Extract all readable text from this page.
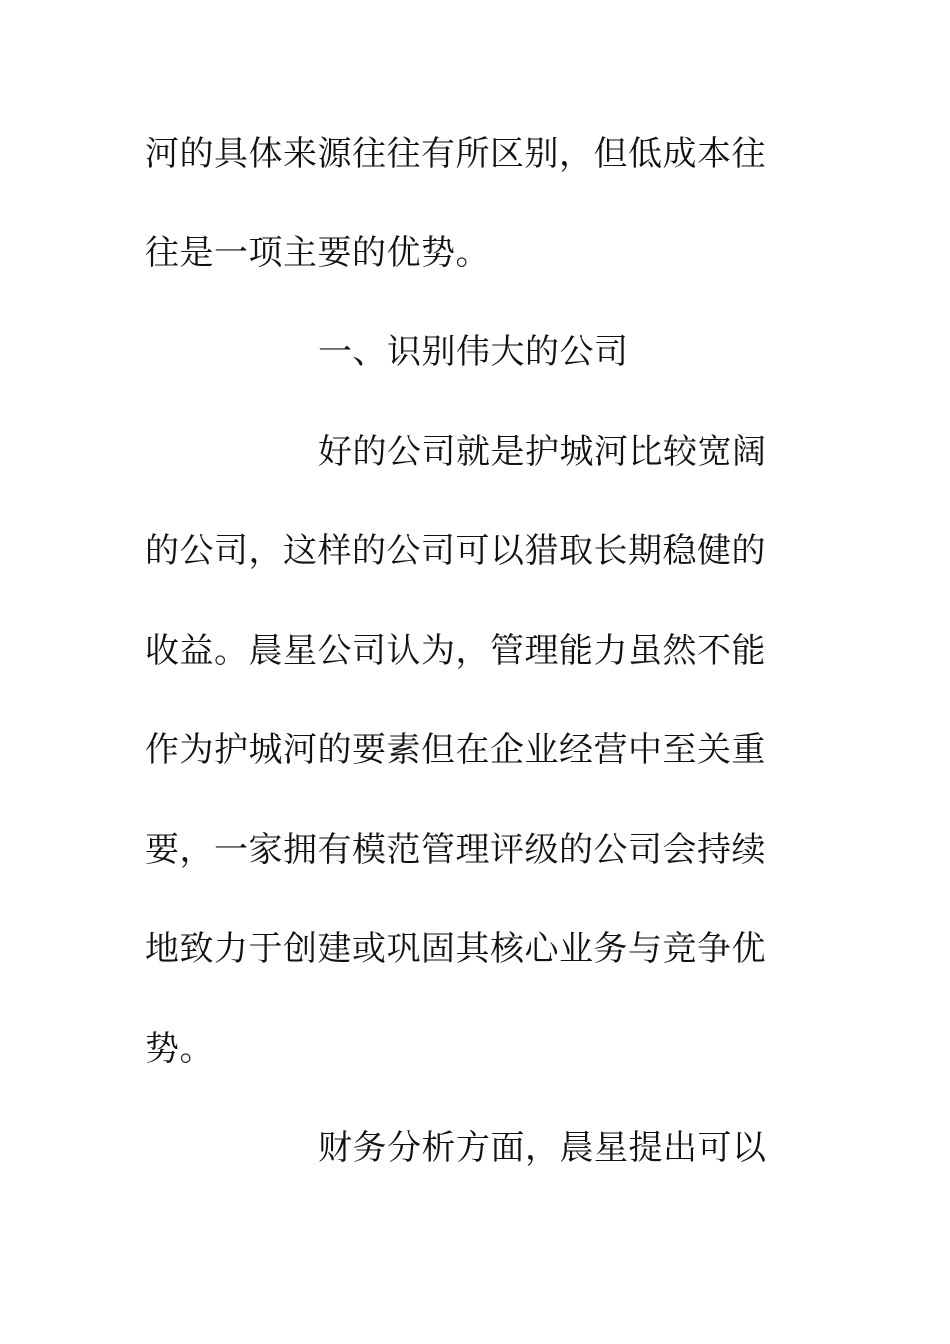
河的具体来源往往有所区别，但低成本往
往是一项主要的优势。
一、识别伟大的公司
好的公司就是护城河比较宽阔
的公司，这样的公司可以猎取长期稳健的
收益。晨星公司认为，管理能力虽然不能
作为护城河的要素但在企业经营中至关重
要，一家拥有模范管理评级的公司会持续
地致力于创建或巩固其核心业务与竞争优
势。
财务分析方面，晨星提出可以
